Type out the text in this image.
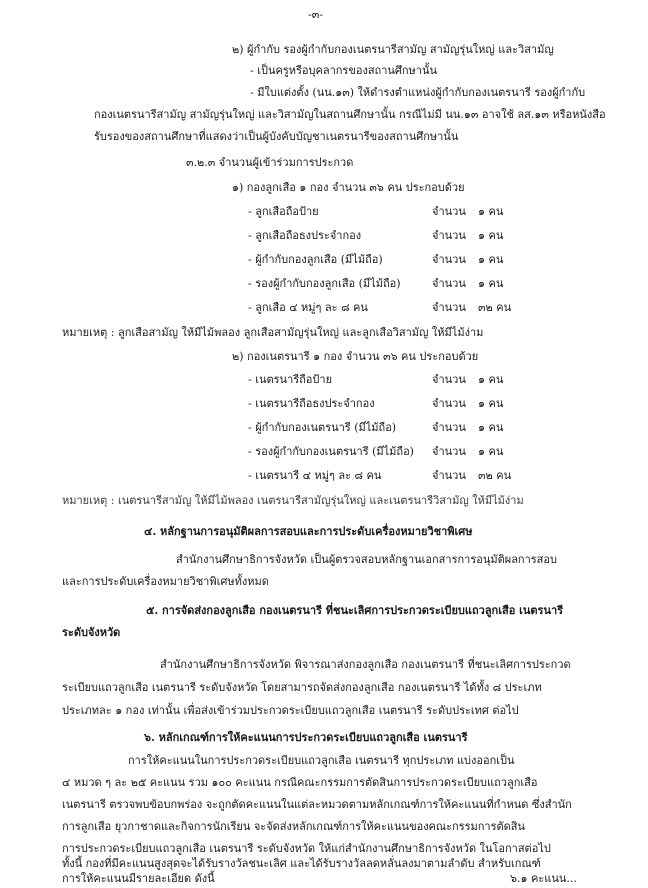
-๓-
๒) ผู้กำกับ รองผู้กำกับกองเนตรนารีสามัญ สามัญรุ่นใหญ่ และวิสามัญ
- เป็นครูหรือบุคลากรของสถานศึกษานั้น
- มีใบแต่งตั้ง (นน.๑๓) ให้ดำรงตำแหน่งผู้กำกับกองเนตรนารี รองผู้กำกับ
กองเนตรนารีสามัญ สามัญรุ่นใหญ่ และวิสามัญในสถานศึกษานั้น กรณีไม่มี นน.๑๓ อาจใช้ ลส.๑๓ หรือหนังสือ
รับรองของสถานศึกษาที่แสดงว่าเป็นผู้บังคับบัญชาเนตรนารีของสถานศึกษานั้น
๓.๒.๓ จำนวนผู้เข้าร่วมการประกวด
๑) กองลูกเสือ ๑ กอง จำนวน ๓๖ คน ประกอบด้วย
- ลูกเสือถือป้าย	จำนวน ๑ คน
- ลูกเสือถือธงประจำกอง	จำนวน ๑ คน
- ผู้กำกับกองลูกเสือ (มีไม้ถือ)	จำนวน ๑ คน
- รองผู้กำกับกองลูกเสือ (มีไม้ถือ)	จำนวน ๑ คน
- ลูกเสือ ๔ หมู่ๆ ละ ๘ คน	จำนวน ๓๒ คน
หมายเหตุ : ลูกเสือสามัญ ให้มีไม้พลอง ลูกเสือสามัญรุ่นใหญ่ และลูกเสือวิสามัญ ให้มีไม้ง่าม
๒) กองเนตรนารี ๑ กอง จำนวน ๓๖ คน ประกอบด้วย
- เนตรนารีถือป้าย	จำนวน ๑ คน
- เนตรนารีถือธงประจำกอง	จำนวน ๑ คน
- ผู้กำกับกองเนตรนารี (มีไม้ถือ)	จำนวน ๑ คน
- รองผู้กำกับกองเนตรนารี (มีไม้ถือ) จำนวน ๑ คน
- เนตรนารี ๔ หมู่ๆ ละ ๘ คน	จำนวน ๓๒ คน
หมายเหตุ : เนตรนารีสามัญ ให้มีไม้พลอง เนตรนารีสามัญรุ่นใหญ่ และเนตรนารีวิสามัญ ให้มีไม้ง่าม
๔. หลักฐานการอนุมัติผลการสอบและการประดับเครื่องหมายวิชาพิเศษ
สำนักงานศึกษาธิการจังหวัด เป็นผู้ตรวจสอบหลักฐานเอกสารการอนุมัติผลการสอบ
และการประดับเครื่องหมายวิชาพิเศษทั้งหมด
๕. การจัดส่งกองลูกเสือ กองเนตรนารี ที่ชนะเลิศการประกวดระเบียบแถวลูกเสือ เนตรนารี
ระดับจังหวัด
สำนักงานศึกษาธิการจังหวัด พิจารณาส่งกองลูกเสือ กองเนตรนารี ที่ชนะเลิศการประกวด
ระเบียบแถวลูกเสือ เนตรนารี ระดับจังหวัด โดยสามารถจัดส่งกองลูกเสือ กองเนตรนารี ได้ทั้ง ๘ ประเภท
ประเภทละ ๑ กอง เท่านั้น เพื่อส่งเข้าร่วมประกวดระเบียบแถวลูกเสือ เนตรนารี ระดับประเทศ ต่อไป
๖. หลักเกณฑ์การให้คะแนนการประกวดระเบียบแถวลูกเสือ เนตรนารี
การให้คะแนนในการประกวดระเบียบแถวลูกเสือ เนตรนารี ทุกประเภท แบ่งออกเป็น
๔ หมวด ๆ ละ ๒๕ คะแนน รวม ๑๐๐ คะแนน กรณีคณะกรรมการตัดสินการประกวดระเบียบแถวลูกเสือ
เนตรนารี ตรวจพบข้อบกพร่อง จะถูกตัดคะแนนในแต่ละหมวดตามหลักเกณฑ์การให้คะแนนที่กำหนด ซึ่งสำนัก
การลูกเสือ ยุวกาชาดและกิจการนักเรียน จะจัดส่งหลักเกณฑ์การให้คะแนนของคณะกรรมการตัดสิน
การประกวดระเบียบแถวลูกเสือ เนตรนารี ระดับจังหวัด ให้แก่สำนักงานศึกษาธิการจังหวัด ในโอกาสต่อไป
ทั้งนี้ กองที่มีคะแนนสูงสุดจะได้รับรางวัลชนะเลิศ และได้รับรางวัลลดหลั่นลงมาตามลำดับ สำหรับเกณฑ์
การให้คะแนนมีรายละเอียด ดังนี้	๖.๑ คะแนน...
